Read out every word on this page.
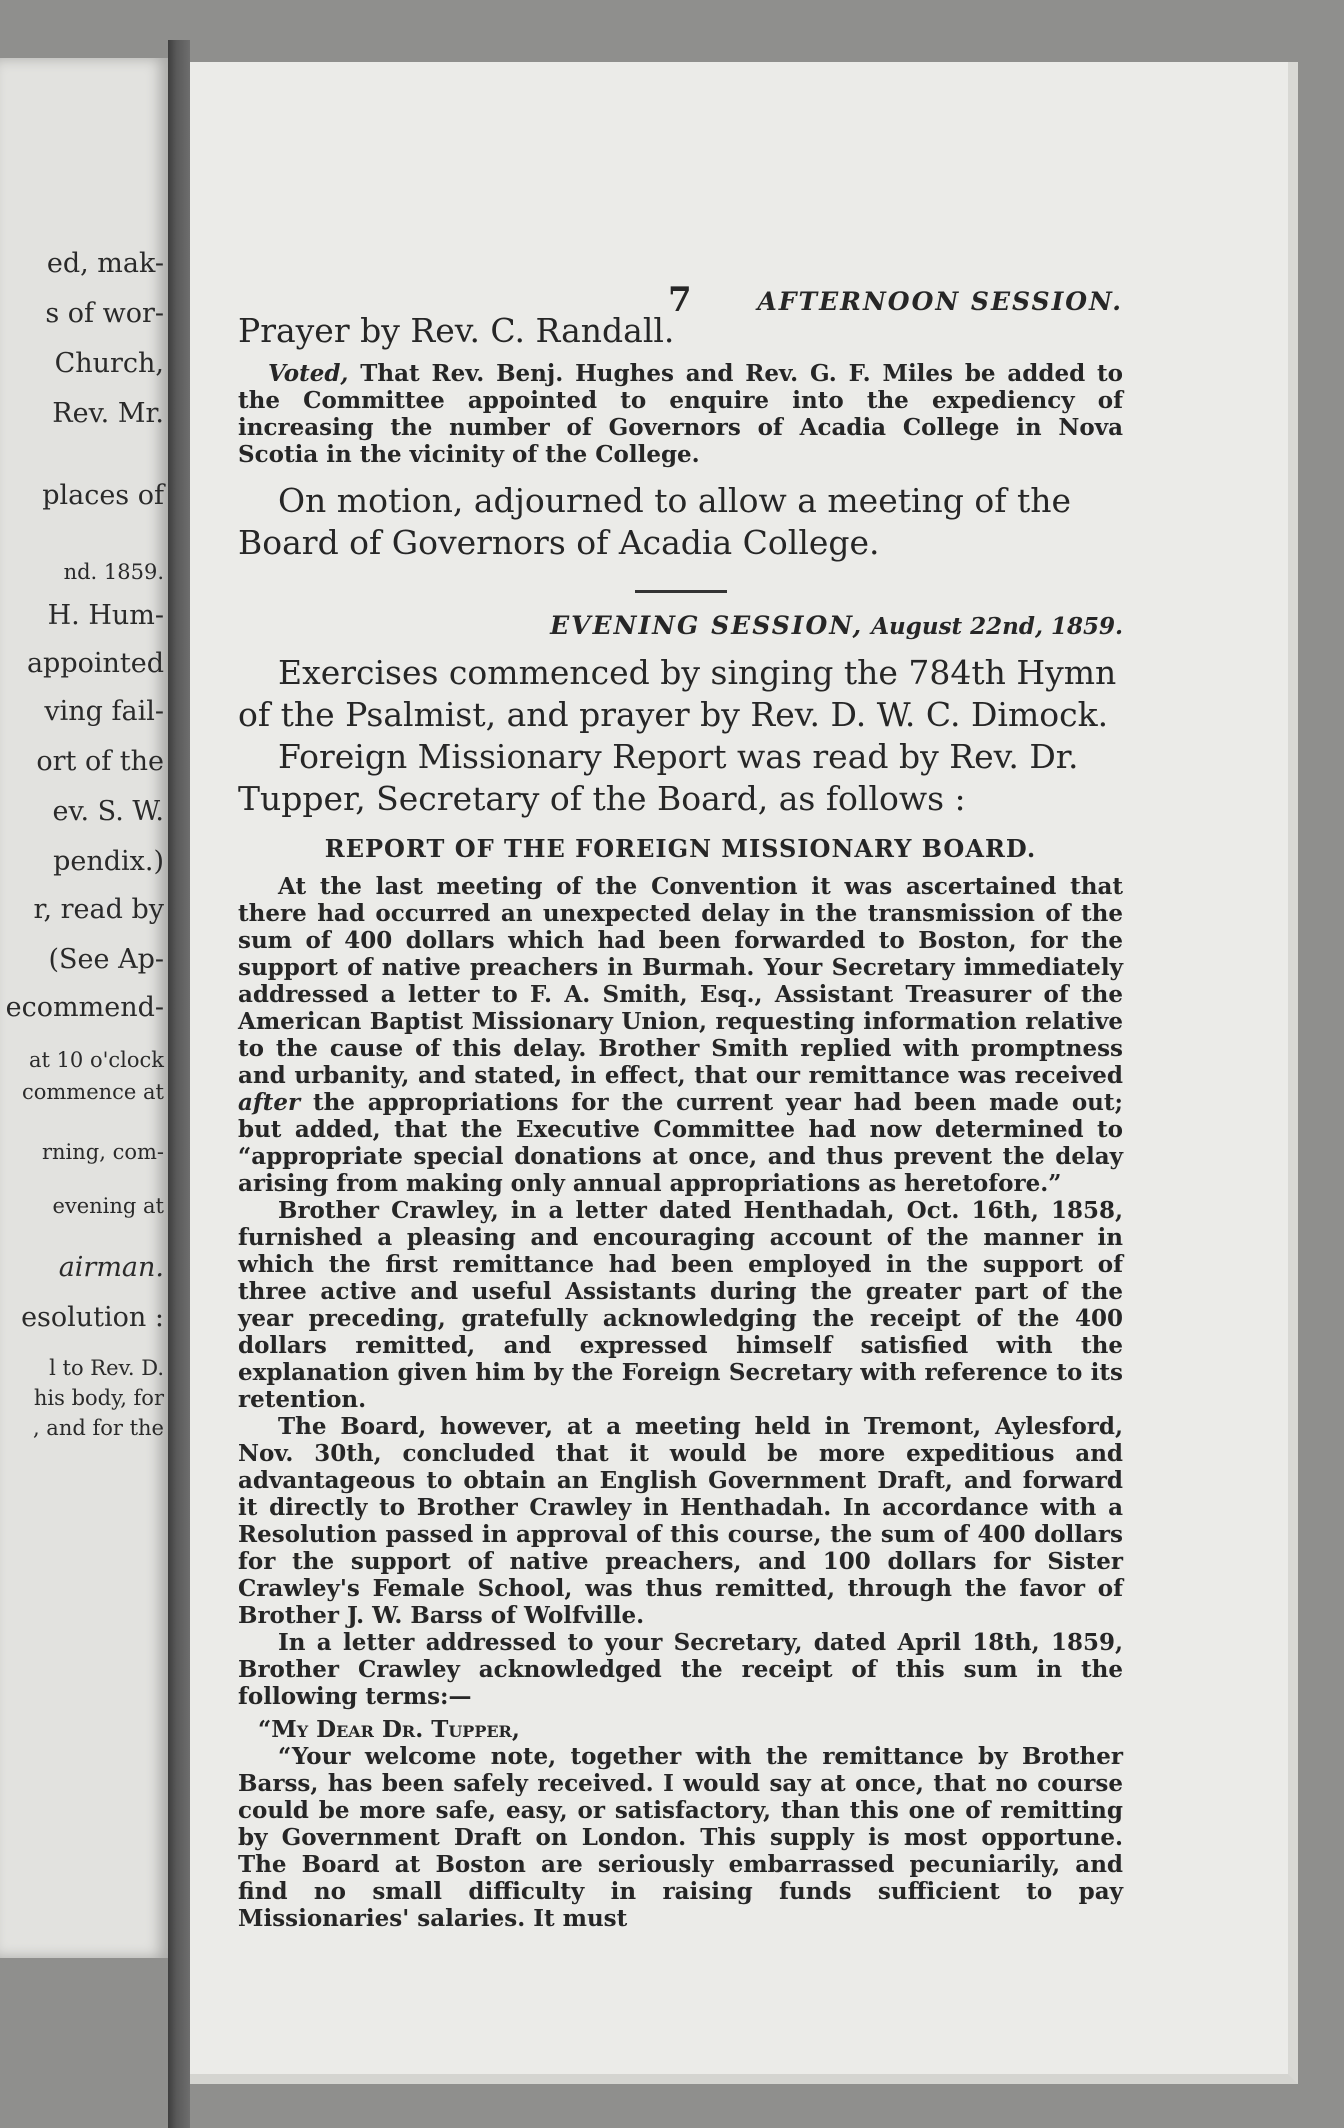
ed, mak-
s of wor-
Church,
Rev. Mr.
places of
nd. 1859.
H. Hum-
appointed
ving fail-
ort of the
ev. S. W.
pendix.)
r, read by
(See Ap-
ecommend-
at 10 o'clock
commence at
rning, com-
evening at
airman.
esolution :
l to Rev. D.
his body, for
, and for the
7	AFTERNOON SESSION.

Prayer by Rev. C. Randall.

Voted, That Rev. Benj. Hughes and Rev. G. F. Miles be added to the Committee appointed to enquire into the expediency of increasing the number of Governors of Acadia College in Nova Scotia in the vicinity of the College.

On motion, adjourned to allow a meeting of the Board of Governors of Acadia College.

EVENING SESSION, August 22nd, 1859.

Exercises commenced by singing the 784th Hymn of the Psalmist, and prayer by Rev. D. W. C. Dimock.

Foreign Missionary Report was read by Rev. Dr. Tupper, Secretary of the Board, as follows :

REPORT OF THE FOREIGN MISSIONARY BOARD.

At the last meeting of the Convention it was ascertained that there had occurred an unexpected delay in the transmission of the sum of 400 dollars which had been forwarded to Boston, for the support of native preachers in Burmah. Your Secretary immediately addressed a letter to F. A. Smith, Esq., Assistant Treasurer of the American Baptist Missionary Union, requesting information relative to the cause of this delay. Brother Smith replied with promptness and urbanity, and stated, in effect, that our remittance was received after the appropriations for the current year had been made out; but added, that the Executive Committee had now determined to “appropriate special donations at once, and thus prevent the delay arising from making only annual appropriations as heretofore.”

Brother Crawley, in a letter dated Henthadah, Oct. 16th, 1858, furnished a pleasing and encouraging account of the manner in which the first remittance had been employed in the support of three active and useful Assistants during the greater part of the year preceding, gratefully acknowledging the receipt of the 400 dollars remitted, and expressed himself satisfied with the explanation given him by the Foreign Secretary with reference to its retention.

The Board, however, at a meeting held in Tremont, Aylesford, Nov. 30th, concluded that it would be more expeditious and advantageous to obtain an English Government Draft, and forward it directly to Brother Crawley in Henthadah. In accordance with a Resolution passed in approval of this course, the sum of 400 dollars for the support of native preachers, and 100 dollars for Sister Crawley's Female School, was thus remitted, through the favor of Brother J. W. Barss of Wolfville.

In a letter addressed to your Secretary, dated April 18th, 1859, Brother Crawley acknowledged the receipt of this sum in the following terms:—

“My Dear Dr. Tupper,

“Your welcome note, together with the remittance by Brother Barss, has been safely received. I would say at once, that no course could be more safe, easy, or satisfactory, than this one of remitting by Government Draft on London. This supply is most opportune. The Board at Boston are seriously embarrassed pecuniarily, and find no small difficulty in raising funds sufficient to pay Missionaries' salaries. It must
